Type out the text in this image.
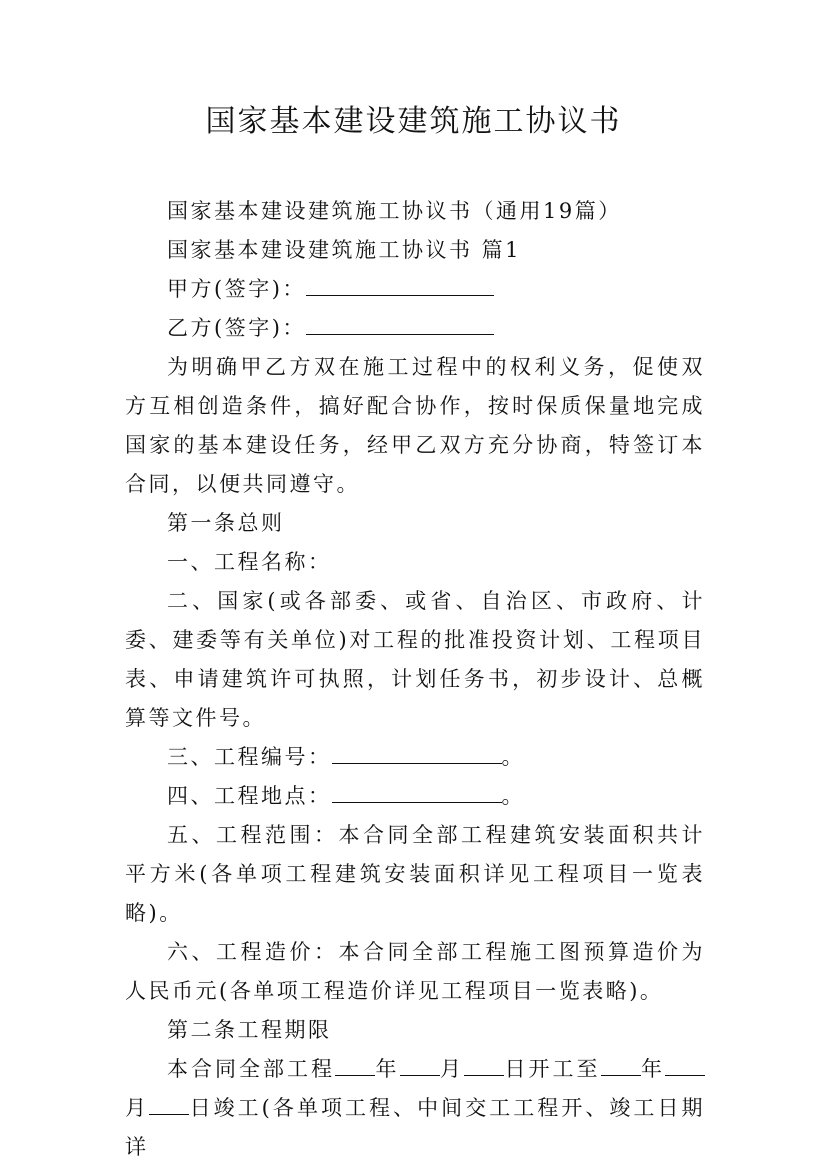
国家基本建设建筑施工协议书

国家基本建设建筑施工协议书（通用19篇）

国家基本建设建筑施工协议书 篇1

甲方(签字)：

乙方(签字)：

为明确甲乙方双在施工过程中的权利义务，促使双方互相创造条件，搞好配合协作，按时保质保量地完成国家的基本建设任务，经甲乙双方充分协商，特签订本合同，以便共同遵守。

第一条总则

一、工程名称：

二、国家(或各部委、或省、自治区、市政府、计委、建委等有关单位)对工程的批准投资计划、工程项目表、申请建筑许可执照，计划任务书，初步设计、总概算等文件号。

三、工程编号：	。

四、工程地点：	。

五、工程范围：本合同全部工程建筑安装面积共计平方米(各单项工程建筑安装面积详见工程项目一览表略)。

六、工程造价：本合同全部工程施工图预算造价为人民币元(各单项工程造价详见工程项目一览表略)。

第二条工程期限

本合同全部工程 年 月 日开工至 年月 日竣工(各单项工程、中间交工工程开、竣工日期详
